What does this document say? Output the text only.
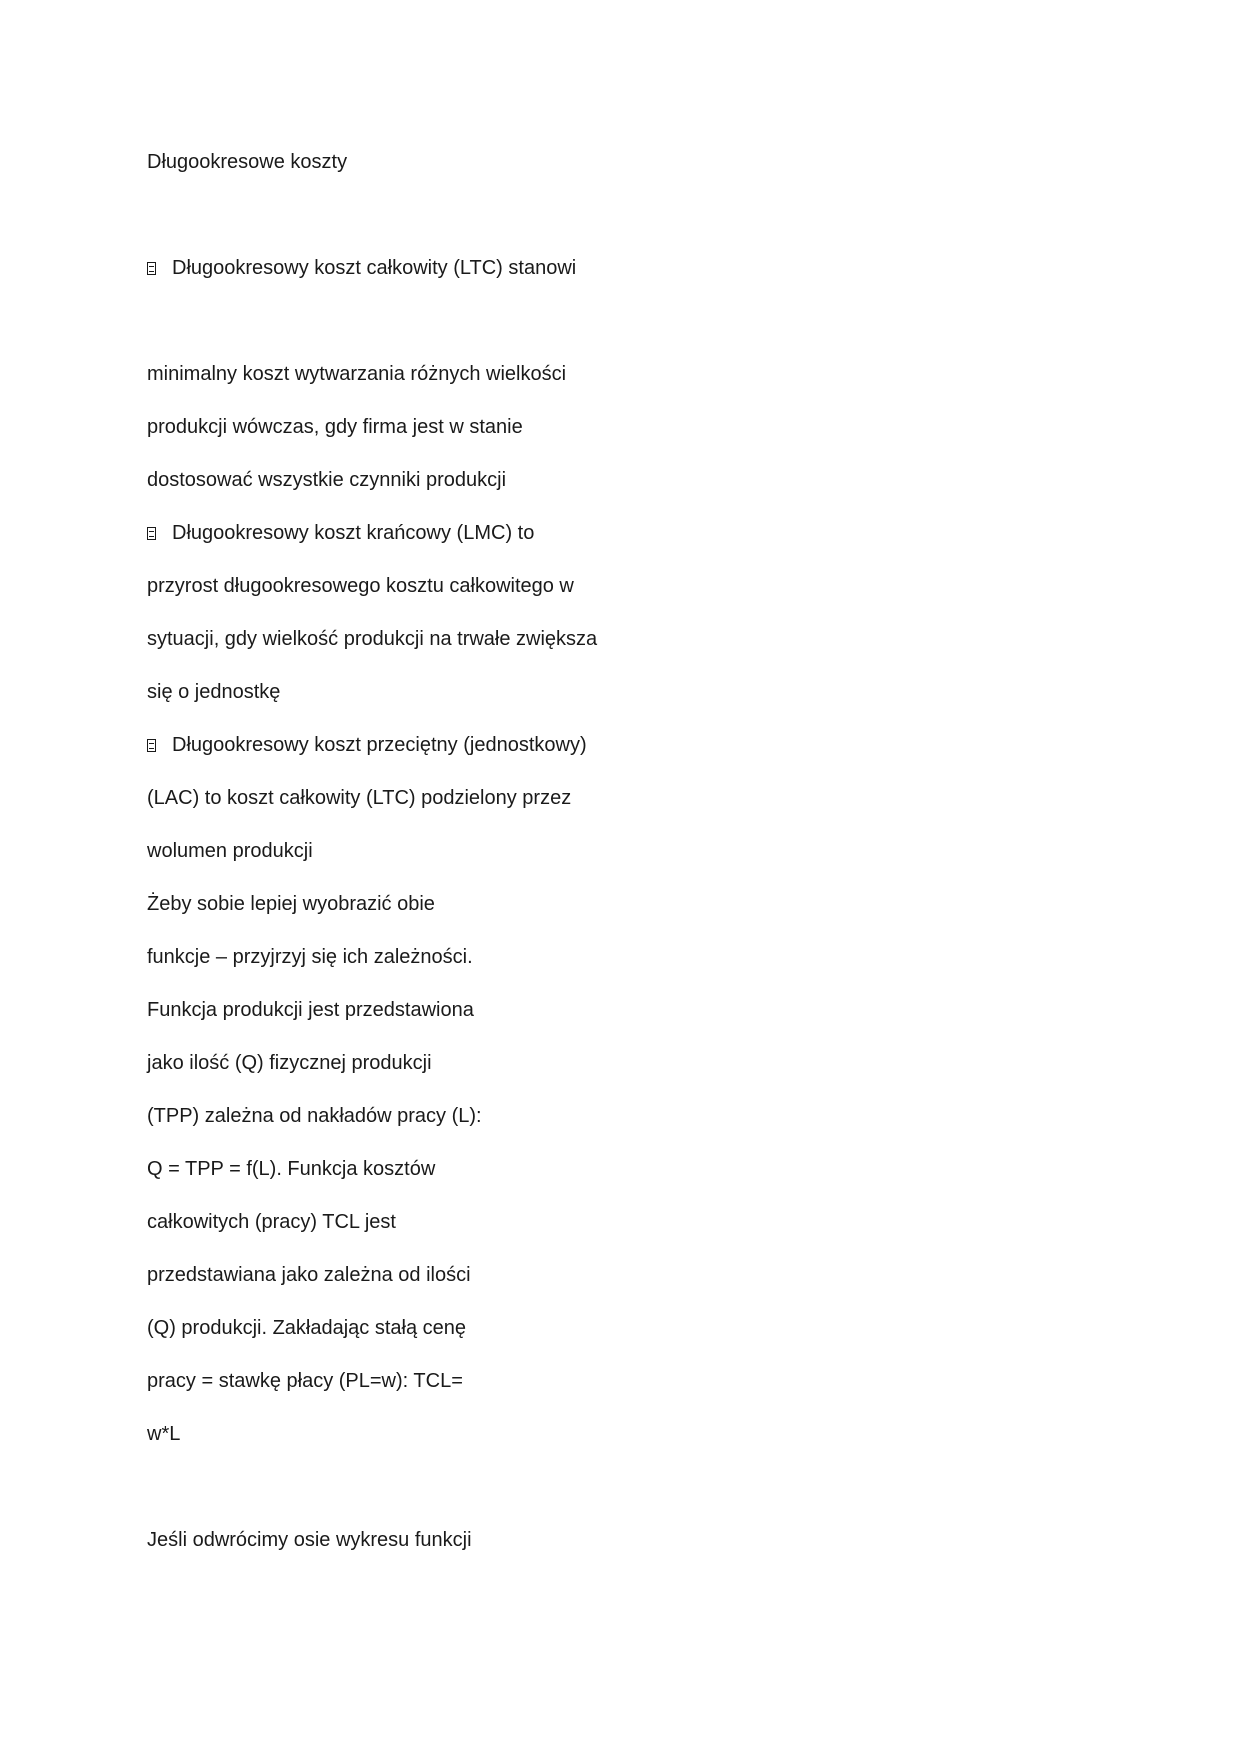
Długookresowe koszty
Długookresowy koszt całkowity (LTC) stanowi
minimalny koszt wytwarzania różnych wielkości
produkcji wówczas, gdy firma jest w stanie
dostosować wszystkie czynniki produkcji
Długookresowy koszt krańcowy (LMC) to
przyrost długookresowego kosztu całkowitego w
sytuacji, gdy wielkość produkcji na trwałe zwiększa
się o jednostkę
Długookresowy koszt przeciętny (jednostkowy)
(LAC) to koszt całkowity (LTC) podzielony przez
wolumen produkcji
Żeby sobie lepiej wyobrazić obie
funkcje – przyjrzyj się ich zależności.
Funkcja produkcji jest przedstawiona
jako ilość (Q) fizycznej produkcji
(TPP) zależna od nakładów pracy (L):
Q = TPP = f(L). Funkcja kosztów
całkowitych (pracy) TCL jest
przedstawiana jako zależna od ilości
(Q) produkcji. Zakładając stałą cenę
pracy = stawkę płacy (PL=w): TCL=
w*L
Jeśli odwrócimy osie wykresu funkcji
